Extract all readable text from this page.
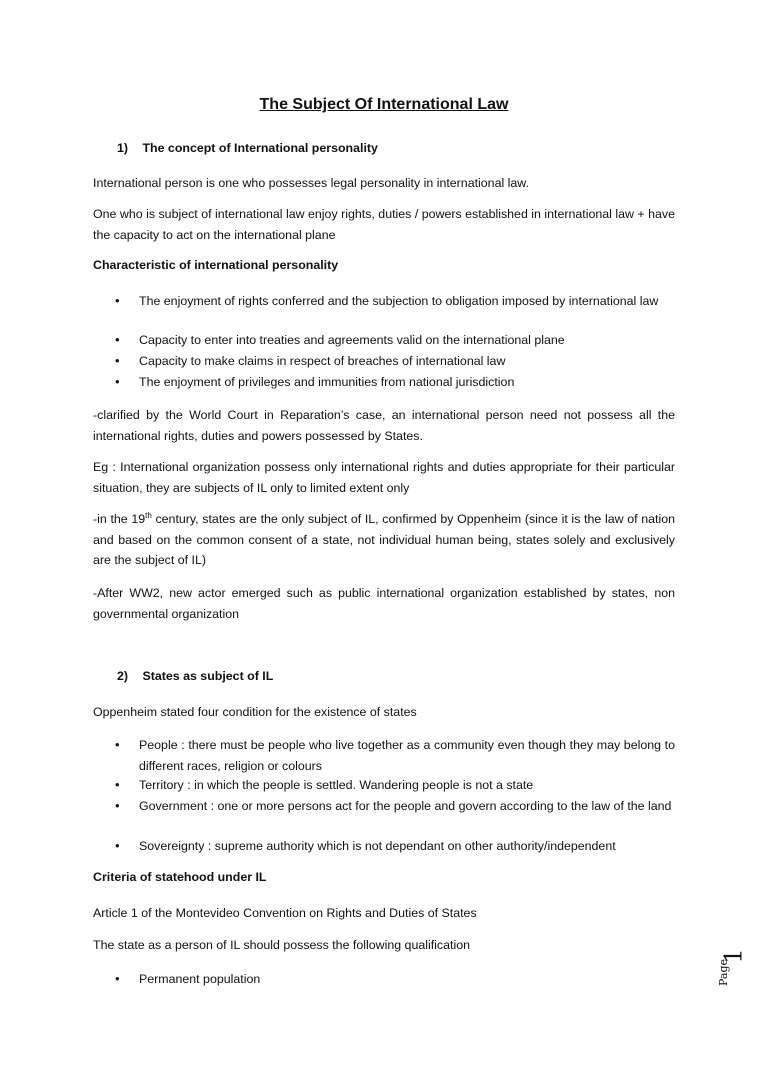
The Subject Of International Law

1) The concept of International personality

International person is one who possesses legal personality in international law.

One who is subject of international law enjoy rights, duties / powers established in international law + have the capacity to act on the international plane

Characteristic of international personality

•
The enjoyment of rights conferred and the subjection to obligation imposed by international law
•
Capacity to enter into treaties and agreements valid on the international plane
•
Capacity to make claims in respect of breaches of international law
•
The enjoyment of privileges and immunities from national jurisdiction

-clarified by the World Court in Reparation’s case, an international person need not possess all the international rights, duties and powers possessed by States.

Eg : International organization possess only international rights and duties appropriate for their particular situation, they are subjects of IL only to limited extent only

-in the 19th century, states are the only subject of IL, confirmed by Oppenheim (since it is the law of nation and based on the common consent of a state, not individual human being, states solely and exclusively are the subject of IL)

-After WW2, new actor emerged such as public international organization established by states, non governmental organization

2) States as subject of IL

Oppenheim stated four condition for the existence of states

•
People : there must be people who live together as a community even though they may belong to different races, religion or colours
•
Territory : in which the people is settled. Wandering people is not a state
•
Government : one or more persons act for the people and govern according to the law of the land
•
Sovereignty : supreme authority which is not dependant on other authority/independent

Criteria of statehood under IL

Article 1 of the Montevideo Convention on Rights and Duties of States

The state as a person of IL should possess the following qualification

•
Permanent population	Page
1
